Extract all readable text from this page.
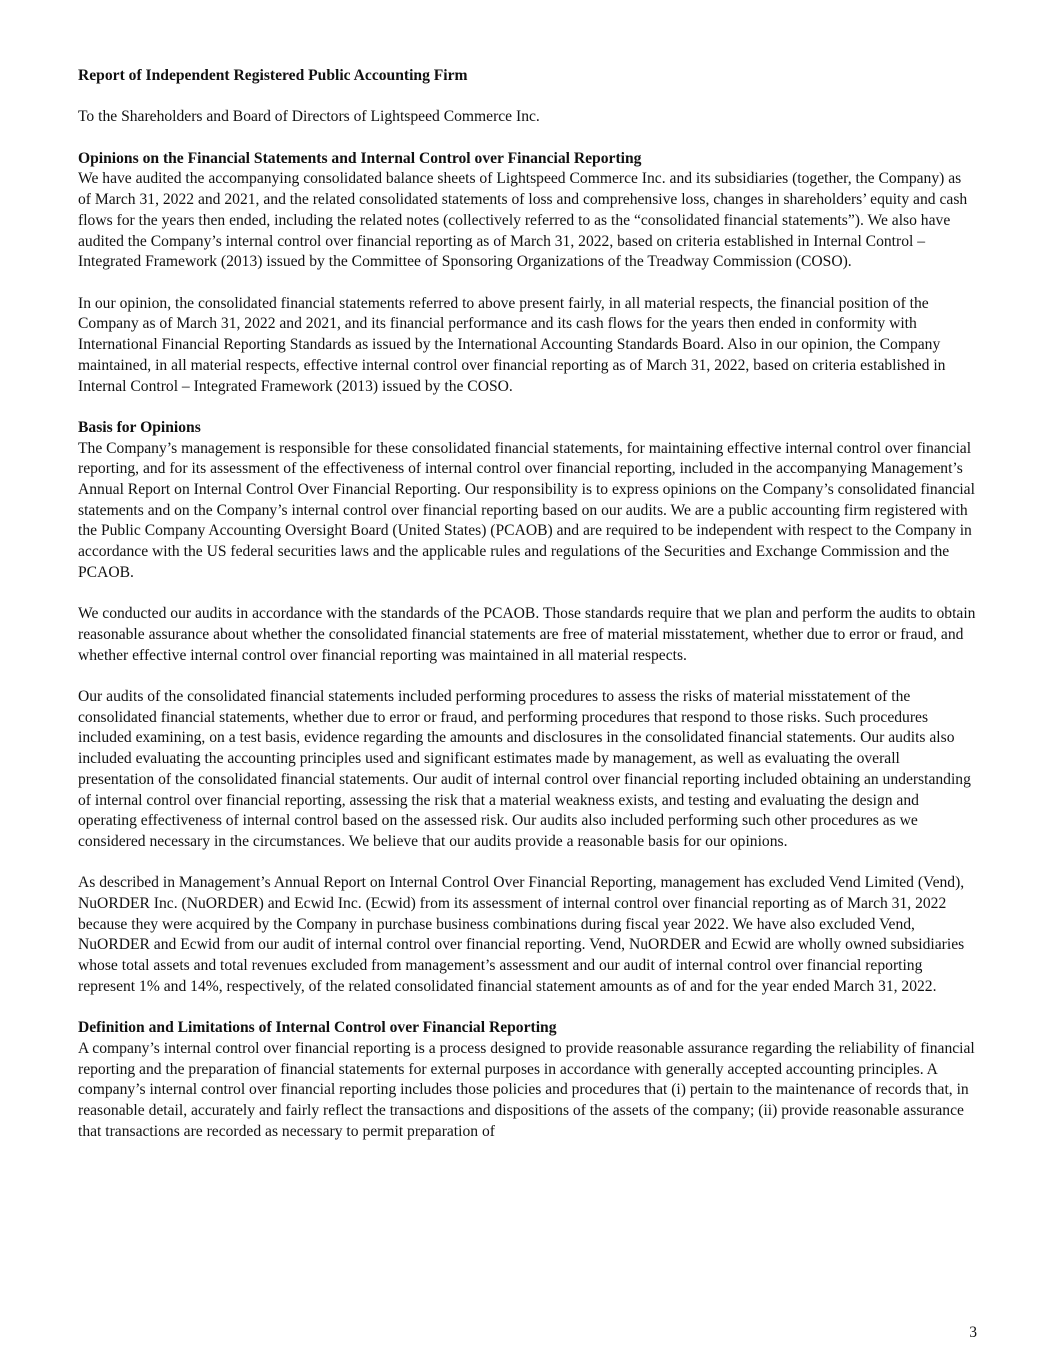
Report of Independent Registered Public Accounting Firm

To the Shareholders and Board of Directors of Lightspeed Commerce Inc.

Opinions on the Financial Statements and Internal Control over Financial Reporting

We have audited the accompanying consolidated balance sheets of Lightspeed Commerce Inc. and its subsidiaries (together, the Company) as of March 31, 2022 and 2021, and the related consolidated statements of loss and comprehensive loss, changes in shareholders’ equity and cash flows for the years then ended, including the related notes (collectively referred to as the “consolidated financial statements”). We also have audited the Company’s internal control over financial reporting as of March 31, 2022, based on criteria established in Internal Control – Integrated Framework (2013) issued by the Committee of Sponsoring Organizations of the Treadway Commission (COSO).

In our opinion, the consolidated financial statements referred to above present fairly, in all material respects, the financial position of the Company as of March 31, 2022 and 2021, and its financial performance and its cash flows for the years then ended in conformity with International Financial Reporting Standards as issued by the International Accounting Standards Board. Also in our opinion, the Company maintained, in all material respects, effective internal control over financial reporting as of March 31, 2022, based on criteria established in Internal Control – Integrated Framework (2013) issued by the COSO.

Basis for Opinions

The Company’s management is responsible for these consolidated financial statements, for maintaining effective internal control over financial reporting, and for its assessment of the effectiveness of internal control over financial reporting, included in the accompanying Management’s Annual Report on Internal Control Over Financial Reporting. Our responsibility is to express opinions on the Company’s consolidated financial statements and on the Company’s internal control over financial reporting based on our audits. We are a public accounting firm registered with the Public Company Accounting Oversight Board (United States) (PCAOB) and are required to be independent with respect to the Company in accordance with the US federal securities laws and the applicable rules and regulations of the Securities and Exchange Commission and the PCAOB.

We conducted our audits in accordance with the standards of the PCAOB. Those standards require that we plan and perform the audits to obtain reasonable assurance about whether the consolidated financial statements are free of material misstatement, whether due to error or fraud, and whether effective internal control over financial reporting was maintained in all material respects.

Our audits of the consolidated financial statements included performing procedures to assess the risks of material misstatement of the consolidated financial statements, whether due to error or fraud, and performing procedures that respond to those risks. Such procedures included examining, on a test basis, evidence regarding the amounts and disclosures in the consolidated financial statements. Our audits also included evaluating the accounting principles used and significant estimates made by management, as well as evaluating the overall presentation of the consolidated financial statements. Our audit of internal control over financial reporting included obtaining an understanding of internal control over financial reporting, assessing the risk that a material weakness exists, and testing and evaluating the design and operating effectiveness of internal control based on the assessed risk. Our audits also included performing such other procedures as we considered necessary in the circumstances. We believe that our audits provide a reasonable basis for our opinions.

As described in Management’s Annual Report on Internal Control Over Financial Reporting, management has excluded Vend Limited (Vend), NuORDER Inc. (NuORDER) and Ecwid Inc. (Ecwid) from its assessment of internal control over financial reporting as of March 31, 2022 because they were acquired by the Company in purchase business combinations during fiscal year 2022. We have also excluded Vend, NuORDER and Ecwid from our audit of internal control over financial reporting. Vend, NuORDER and Ecwid are wholly owned subsidiaries whose total assets and total revenues excluded from management’s assessment and our audit of internal control over financial reporting represent 1% and 14%, respectively, of the related consolidated financial statement amounts as of and for the year ended March 31, 2022.

Definition and Limitations of Internal Control over Financial Reporting

A company’s internal control over financial reporting is a process designed to provide reasonable assurance regarding the reliability of financial reporting and the preparation of financial statements for external purposes in accordance with generally accepted accounting principles. A company’s internal control over financial reporting includes those policies and procedures that (i) pertain to the maintenance of records that, in reasonable detail, accurately and fairly reflect the transactions and dispositions of the assets of the company; (ii) provide reasonable assurance that transactions are recorded as necessary to permit preparation of

3
